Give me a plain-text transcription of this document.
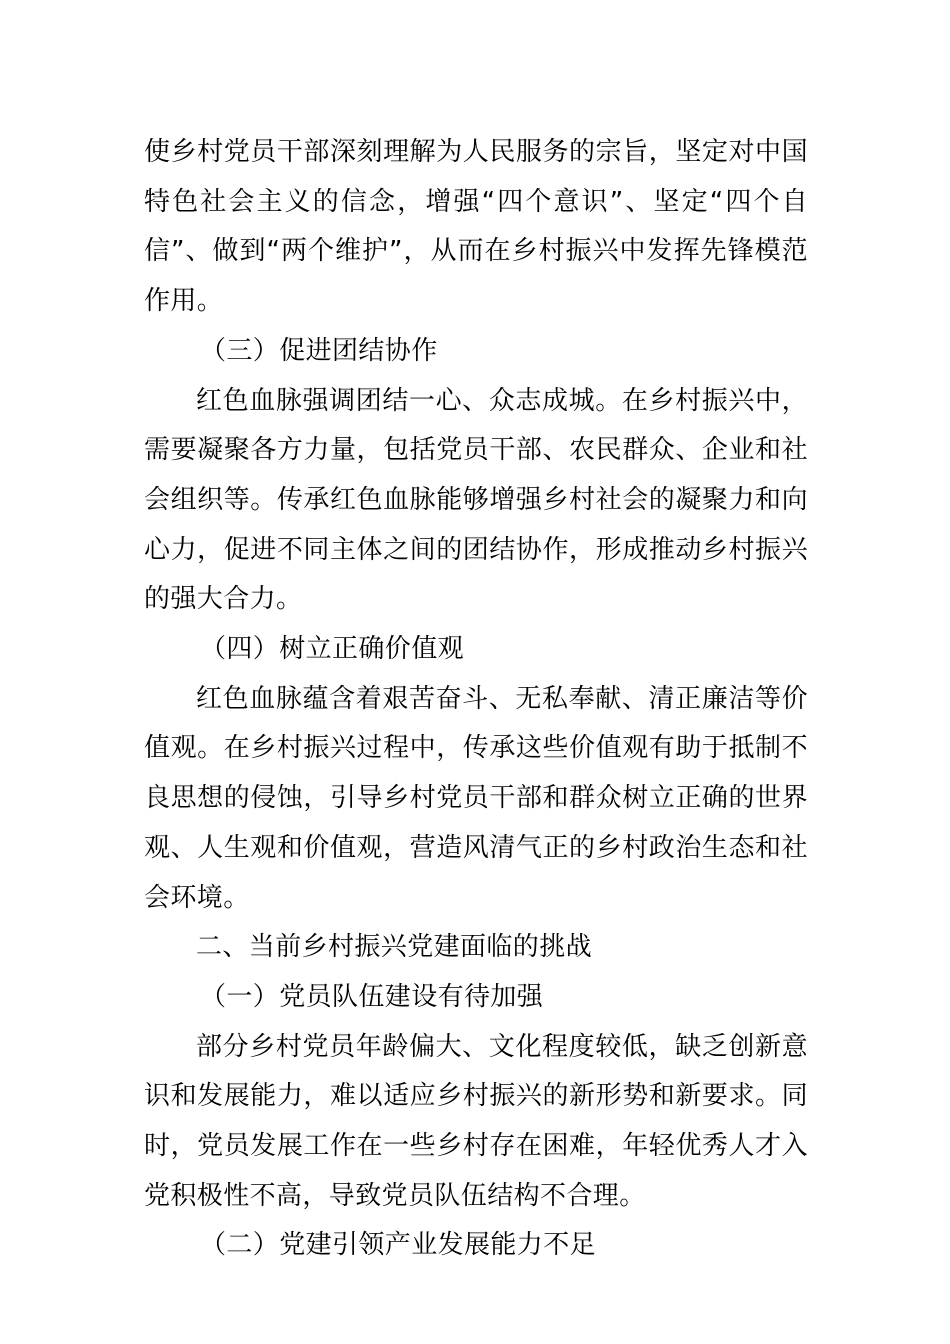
使乡村党员干部深刻理解为人民服务的宗旨，坚定对中国特色社会主义的信念，增强“四个意识”、坚定“四个自信”、做到“两个维护”，从而在乡村振兴中发挥先锋模范作用。

（三）促进团结协作

红色血脉强调团结一心、众志成城。在乡村振兴中，需要凝聚各方力量，包括党员干部、农民群众、企业和社会组织等。传承红色血脉能够增强乡村社会的凝聚力和向心力，促进不同主体之间的团结协作，形成推动乡村振兴的强大合力。

（四）树立正确价值观

红色血脉蕴含着艰苦奋斗、无私奉献、清正廉洁等价值观。在乡村振兴过程中，传承这些价值观有助于抵制不良思想的侵蚀，引导乡村党员干部和群众树立正确的世界观、人生观和价值观，营造风清气正的乡村政治生态和社会环境。

二、当前乡村振兴党建面临的挑战

（一）党员队伍建设有待加强

部分乡村党员年龄偏大、文化程度较低，缺乏创新意识和发展能力，难以适应乡村振兴的新形势和新要求。同时，党员发展工作在一些乡村存在困难，年轻优秀人才入党积极性不高，导致党员队伍结构不合理。

（二）党建引领产业发展能力不足
